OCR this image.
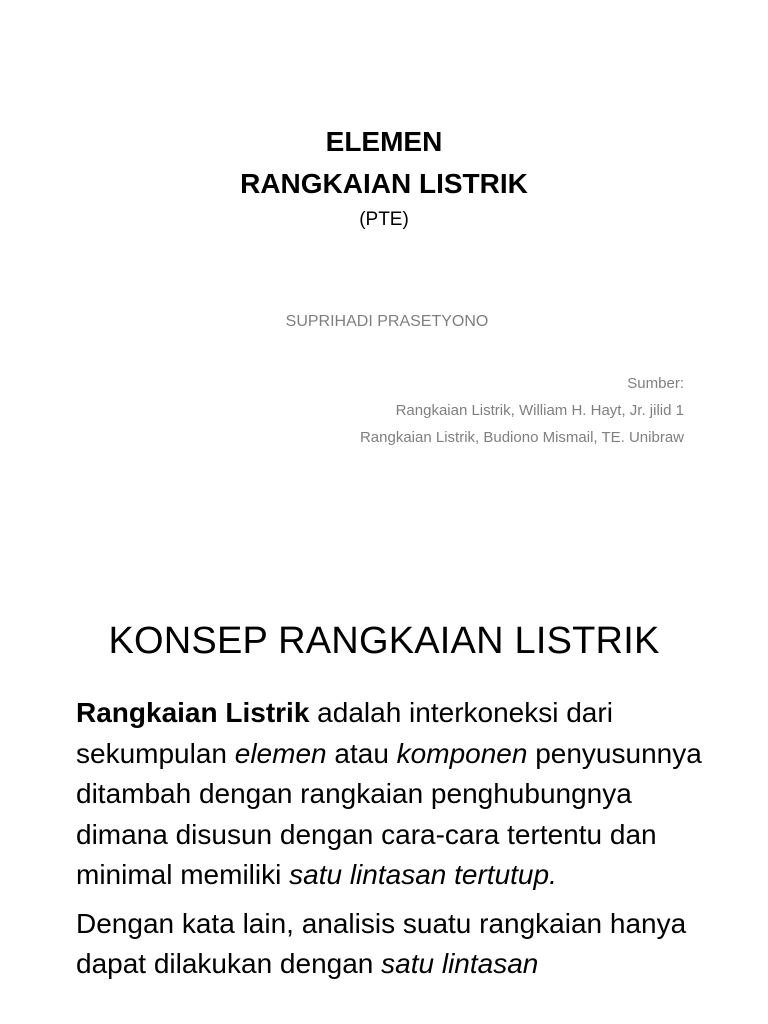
ELEMEN
RANGKAIAN LISTRIK
(PTE)
SUPRIHADI PRASETYONO
Sumber:
Rangkaian Listrik, William H. Hayt, Jr. jilid 1
Rangkaian Listrik, Budiono Mismail, TE. Unibraw
KONSEP RANGKAIAN LISTRIK

Rangkaian Listrik adalah interkoneksi dari sekumpulan elemen atau komponen penyusunnya ditambah dengan rangkaian penghubungnya dimana disusun dengan cara-cara tertentu dan minimal memiliki satu lintasan tertutup.

Dengan kata lain, analisis suatu rangkaian hanya dapat dilakukan dengan satu lintasan
